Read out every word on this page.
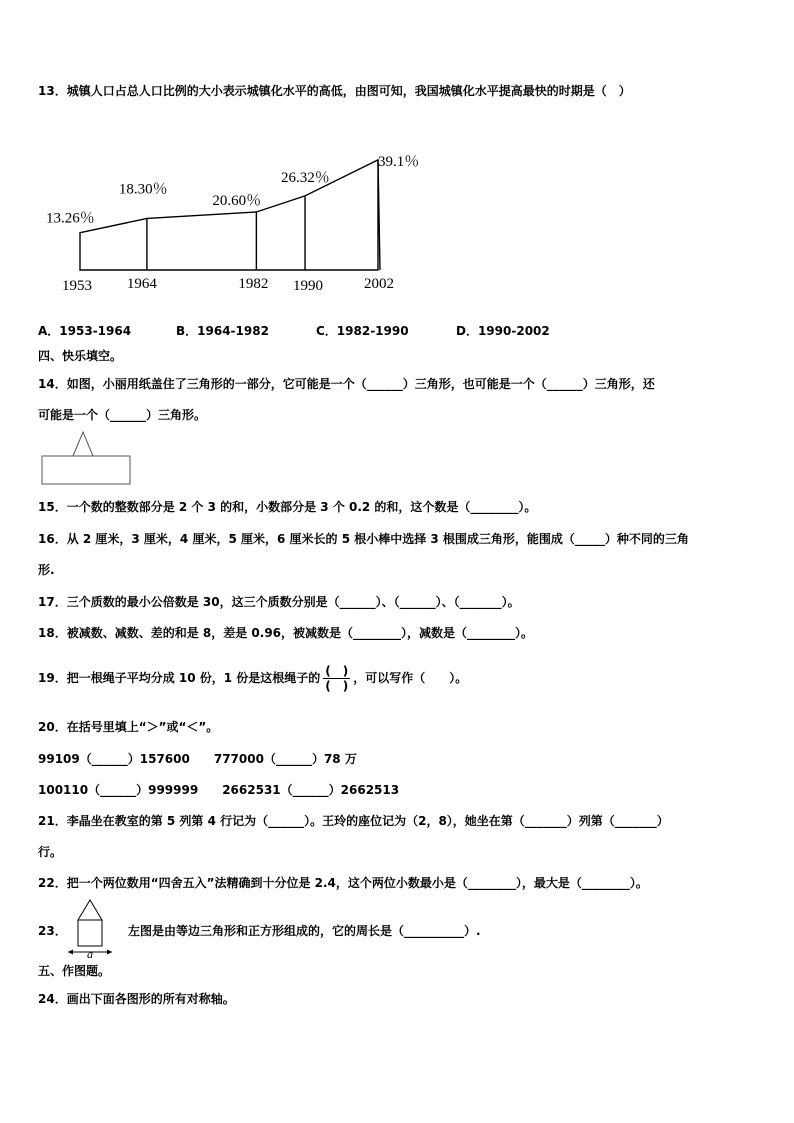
13．城镇人口占总人口比例的大小表示城镇化水平的高低，由图可知，我国城镇化水平提高最快的时期是（　）
13.26％
18.30％
20.60％
26.32％
39.1％
1953 1964	1982 1990	2002
A．1953-1964	B．1964-1982	C．1982-1990	D．1990-2002
四、快乐填空。
14．如图，小丽用纸盖住了三角形的一部分，它可能是一个（______）三角形，也可能是一个（______）三角形，还
可能是一个（______）三角形。
15．一个数的整数部分是 2 个 3 的和，小数部分是 3 个 0.2 的和，这个数是（________）。
16．从 2 厘米，3 厘米，4 厘米，5 厘米，6 厘米长的 5 根小棒中选择 3 根围成三角形，能围成（_____）种不同的三角
形.
17．三个质数的最小公倍数是 30，这三个质数分别是（______）、（______）、（_______）。
18．被减数、减数、差的和是 8，差是 0.96，被减数是（________），减数是（________）。
19．把一根绳子平均分成 10 份，1 份是这根绳子的 $\frac{( )}{( )}$ ，可以写作（　　）。
20．在括号里填上“＞”或“＜”。
99109（______）157600　　777000（______）78 万
100110（______）999999　　2662531（______）2662513
21．李晶坐在教室的第 5 列第 4 行记为（______）。王玲的座位记为（2，8），她坐在第（_______）列第（_______）
行。
22．把一个两位数用“四舍五入”法精确到十分位是 2.4，这个两位小数最小是（________），最大是（________）。
23．
a
左图是由等边三角形和正方形组成的，它的周长是（__________）.
五、作图题。
24．画出下面各图形的所有对称轴。
